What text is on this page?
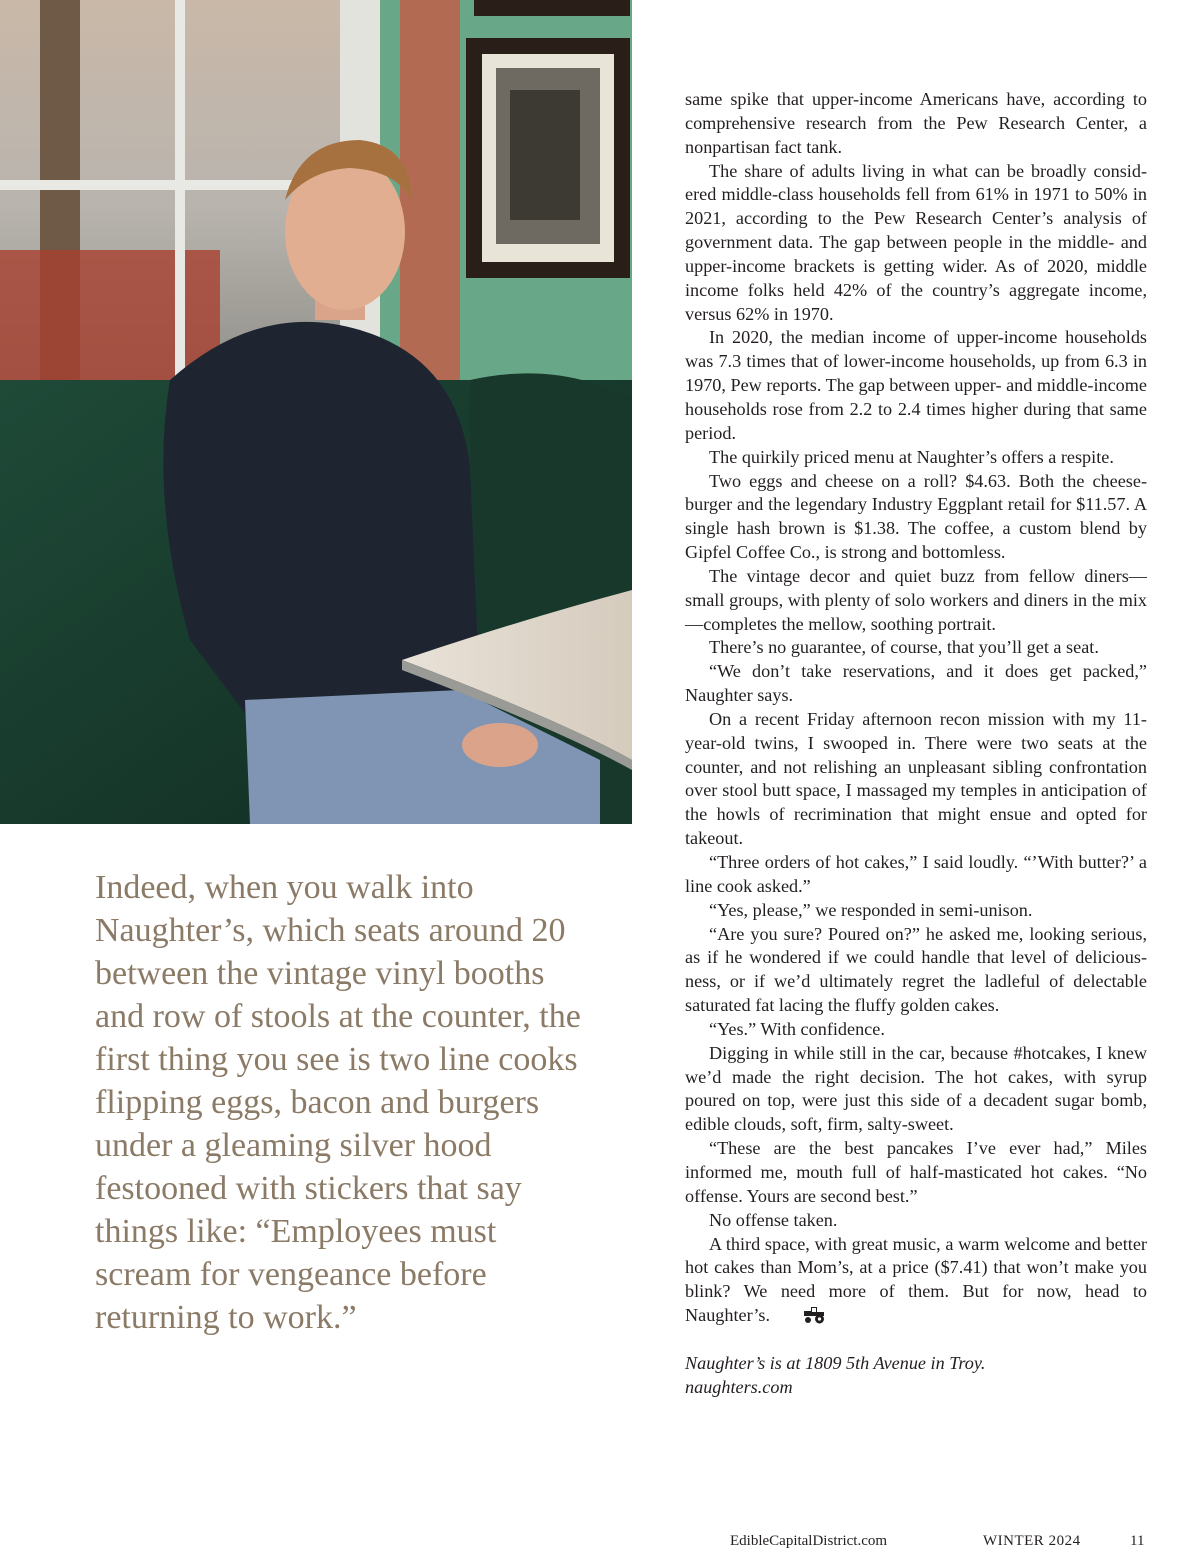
Indeed, when you walk into Naughter’s, which seats around 20 between the vintage vinyl booths and row of stools at the counter, the first thing you see is two line cooks flipping eggs, bacon and burgers under a gleaming silver hood festooned with stickers that say things like: “Employees must scream for vengeance before returning to work.”

same spike that upper-income Americans have, according to comprehensive research from the Pew Research Center, a nonpartisan fact tank.

The share of adults living in what can be broadly considered middle-class households fell from 61% in 1971 to 50% in 2021, according to the Pew Research Center’s analysis of government data. The gap between people in the middle- and upper-income brackets is getting wider. As of 2020, middle income folks held 42% of the country’s aggregate income, versus 62% in 1970.

In 2020, the median income of upper-income households was 7.3 times that of lower-income households, up from 6.3 in 1970, Pew reports. The gap between upper- and middle-income households rose from 2.2 to 2.4 times higher during that same period.

The quirkily priced menu at Naughter’s offers a respite.

Two eggs and cheese on a roll? $4.63. Both the cheeseburger and the legendary Industry Eggplant retail for $11.57. A single hash brown is $1.38. The coffee, a custom blend by Gipfel Coffee Co., is strong and bottomless.

The vintage decor and quiet buzz from fellow diners—small groups, with plenty of solo workers and diners in the mix—completes the mellow, soothing portrait.

There’s no guarantee, of course, that you’ll get a seat.

“We don’t take reservations, and it does get packed,” Naughter says.

On a recent Friday afternoon recon mission with my 11-year-old twins, I swooped in. There were two seats at the counter, and not relishing an unpleasant sibling confrontation over stool butt space, I massaged my temples in anticipation of the howls of recrimination that might ensue and opted for takeout.

“Three orders of hot cakes,” I said loudly. “’With butter?’ a line cook asked.”

“Yes, please,” we responded in semi-unison.

“Are you sure? Poured on?” he asked me, looking serious, as if he wondered if we could handle that level of deliciousness, or if we’d ultimately regret the ladleful of delectable saturated fat lacing the fluffy golden cakes.

“Yes.” With confidence.

Digging in while still in the car, because #hotcakes, I knew we’d made the right decision. The hot cakes, with syrup poured on top, were just this side of a decadent sugar bomb, edible clouds, soft, firm, salty-sweet.

“These are the best pancakes I’ve ever had,” Miles informed me, mouth full of half-masticated hot cakes. “No offense. Yours are second best.”

No offense taken.

A third space, with great music, a warm welcome and better hot cakes than Mom’s, at a price ($7.41) that won’t make you blink? We need more of them. But for now, head to Naughter’s.

Naughter’s is at 1809 5th Avenue in Troy.
naughters.com
EdibleCapitalDistrict.com	WINTER 2024	11
